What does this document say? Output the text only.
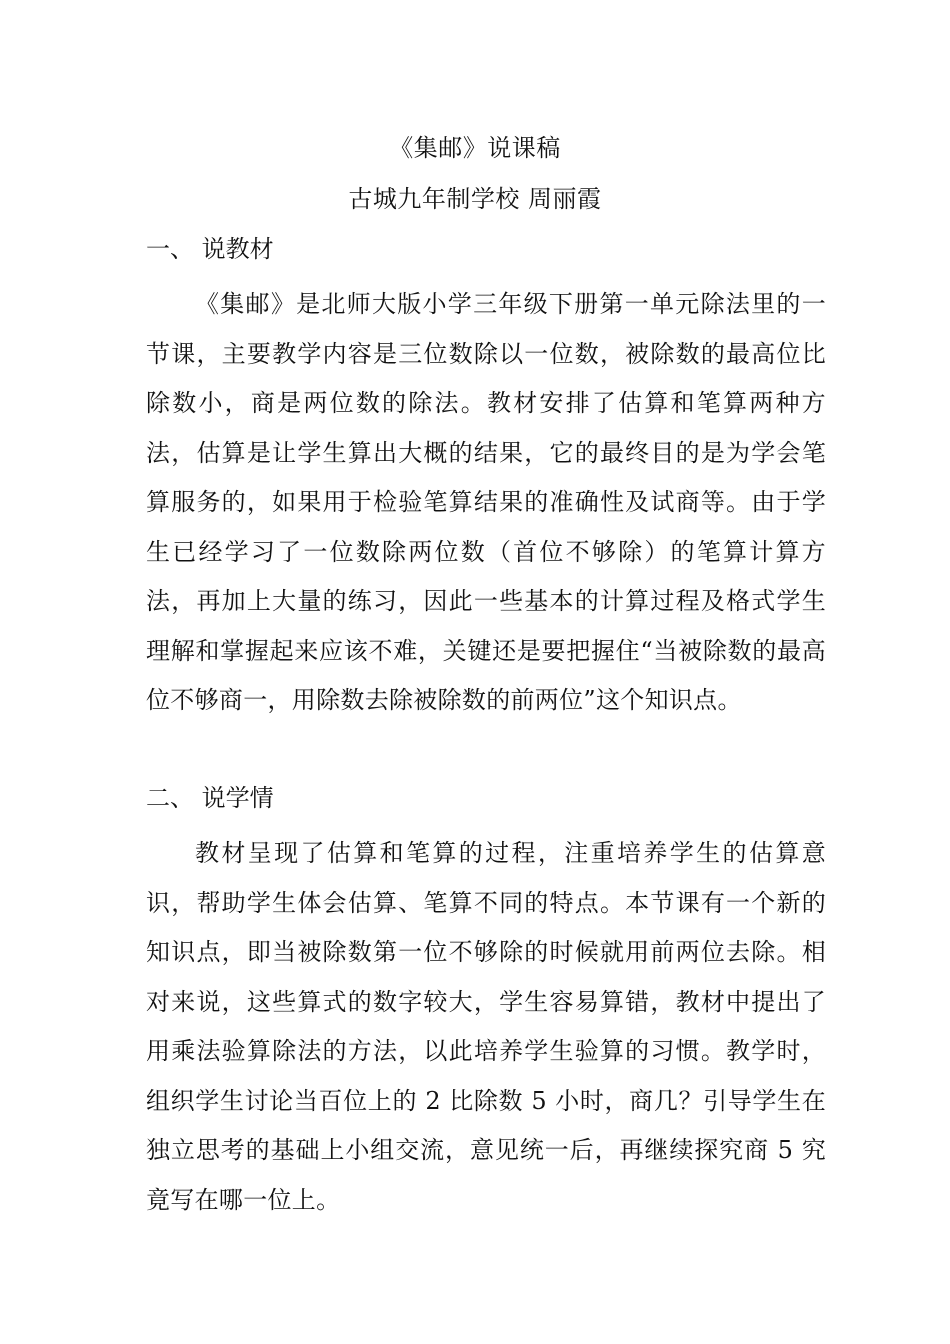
《集邮》说课稿
古城九年制学校 周丽霞
一、 说教材
《集邮》是北师大版小学三年级下册第一单元除法里的一节课，主要教学内容是三位数除以一位数，被除数的最高位比除数小，商是两位数的除法。教材安排了估算和笔算两种方法，估算是让学生算出大概的结果，它的最终目的是为学会笔算服务的，如果用于检验笔算结果的准确性及试商等。由于学生已经学习了一位数除两位数（首位不够除）的笔算计算方法，再加上大量的练习，因此一些基本的计算过程及格式学生理解和掌握起来应该不难，关键还是要把握住“当被除数的最高位不够商一，用除数去除被除数的前两位”这个知识点。
二、 说学情
教材呈现了估算和笔算的过程，注重培养学生的估算意识，帮助学生体会估算、笔算不同的特点。本节课有一个新的知识点，即当被除数第一位不够除的时候就用前两位去除。相对来说，这些算式的数字较大，学生容易算错，教材中提出了用乘法验算除法的方法，以此培养学生验算的习惯。教学时，组织学生讨论当百位上的 2 比除数 5 小时，商几？引导学生在独立思考的基础上小组交流，意见统一后，再继续探究商 5 究竟写在哪一位上。
